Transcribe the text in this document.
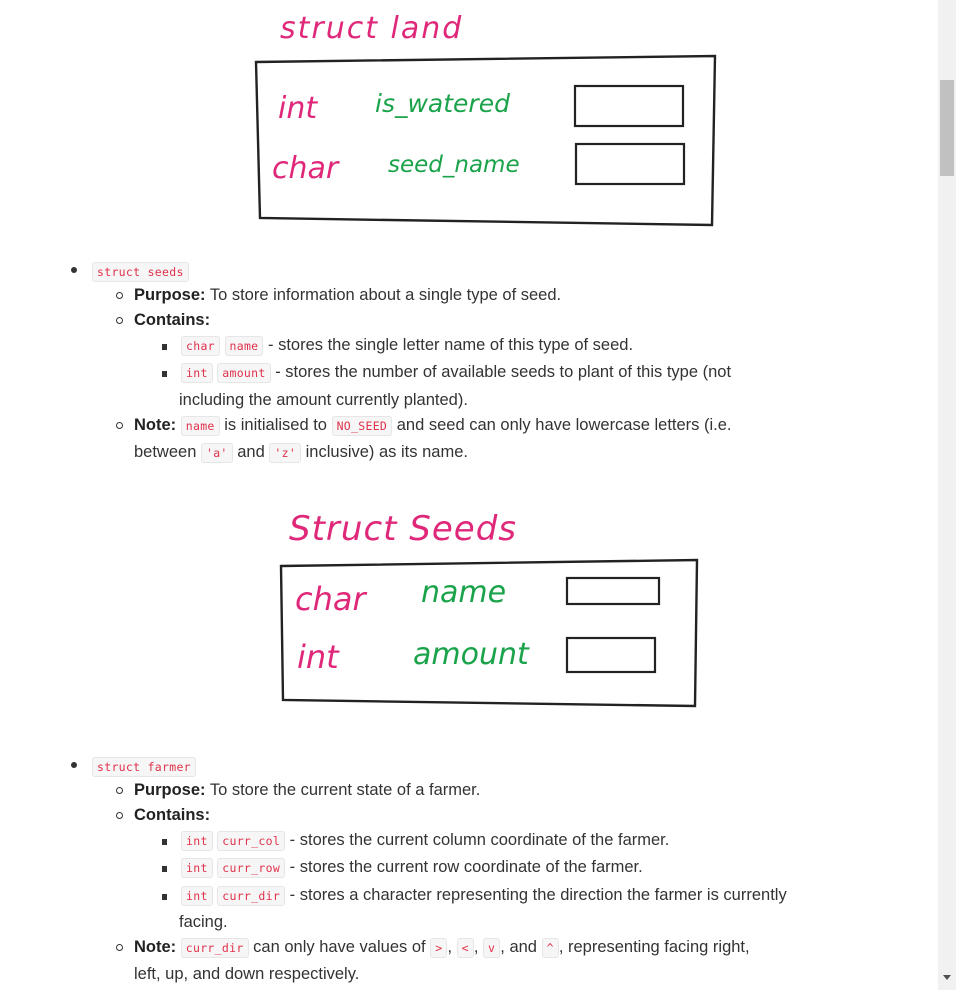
struct land
int is_watered
char seed_name
struct seeds
Purpose: To store information about a single type of seed.
Contains:
char name - stores the single letter name of this type of seed.
int amount - stores the number of available seeds to plant of this type (not
including the amount currently planted).
Note: name is initialised to NO_SEED and seed can only have lowercase letters (i.e.
between 'a' and 'z' inclusive) as its name.
Struct Seeds
char name
int amount
struct farmer
Purpose: To store the current state of a farmer.
Contains:
int curr_col - stores the current column coordinate of the farmer.
int curr_row - stores the current row coordinate of the farmer.
int curr_dir - stores a character representing the direction the farmer is currently
facing.
Note: curr_dir can only have values of > , < , v , and ^ , representing facing right,
left, up, and down respectively.
